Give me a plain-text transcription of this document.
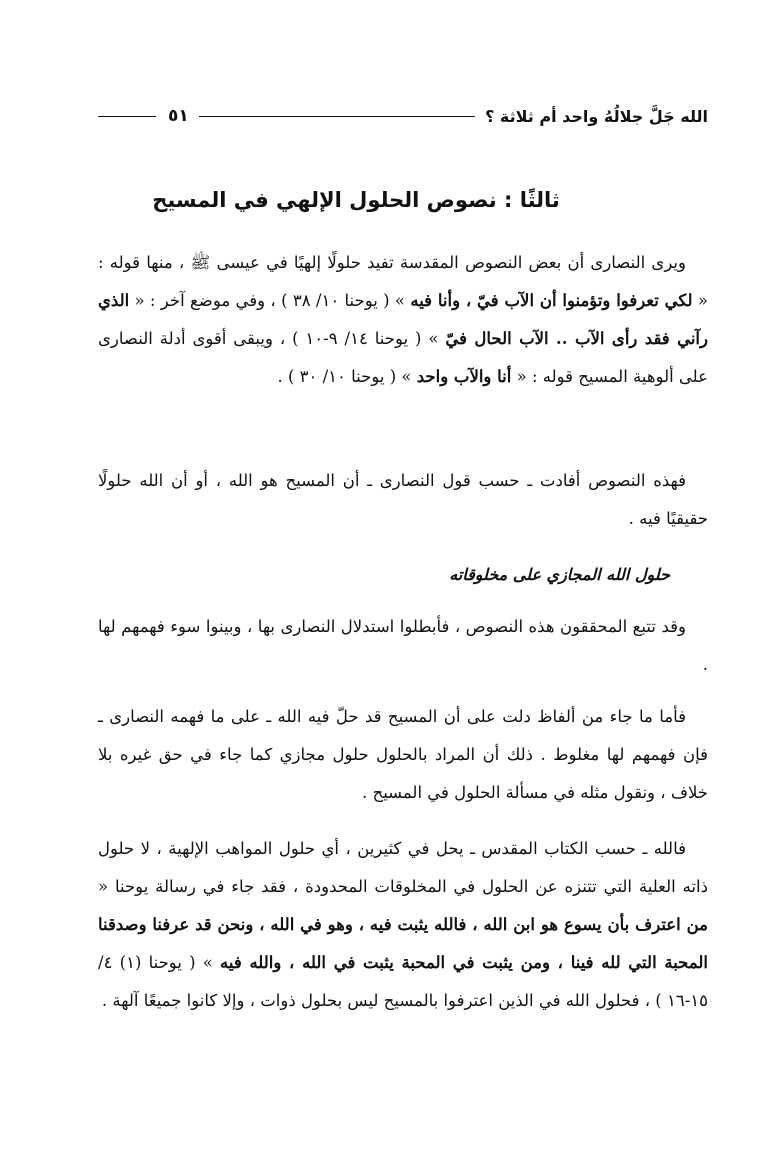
الله جَلَّ جلالُهُ واحد أم ثلاثة ؟
٥١
ثالثًا : نصوص الحلول الإلهي في المسيح

ويرى النصارى أن بعض النصوص المقدسة تفيد حلولًا إلهيًا في عيسى ﷺ ، منها قوله : « لكي تعرفوا وتؤمنوا أن الآب فيّ ، وأنا فيه » ( يوحنا ١٠/ ٣٨ ) ، وفي موضع آخر : « الذي رآني فقد رأى الآب .. الآب الحال فيّ » ( يوحنا ١٤/ ٩-١٠ ) ، ويبقى أقوى أدلة النصارى على ألوهية المسيح قوله : « أنا والآب واحد » ( يوحنا ١٠/ ٣٠ ) .

فهذه النصوص أفادت ـ حسب قول النصارى ـ أن المسيح هو الله ، أو أن الله حلولًا حقيقيًا فيه .

حلول الله المجازي على مخلوقاته

وقد تتبع المحققون هذه النصوص ، فأبطلوا استدلال النصارى بها ، وبينوا سوء فهمهم لها .

فأما ما جاء من ألفاظ دلت على أن المسيح قد حلّ فيه الله ـ على ما فهمه النصارى ـ فإن فهمهم لها مغلوط . ذلك أن المراد بالحلول حلول مجازي كما جاء في حق غيره بلا خلاف ، ونقول مثله في مسألة الحلول في المسيح .

فالله ـ حسب الكتاب المقدس ـ يحل في كثيرين ، أي حلول المواهب الإلهية ، لا حلول ذاته العلية التي تتنزه عن الحلول في المخلوقات المحدودة ، فقد جاء في رسالة يوحنا « من اعترف بأن يسوع هو ابن الله ، فالله يثبت فيه ، وهو في الله ، ونحن قد عرفنا وصدقنا المحبة التي لله فينا ، ومن يثبت في المحبة يثبت في الله ، والله فيه » ( يوحنا (١) ٤/ ١٥-١٦ ) ، فحلول الله في الذين اعترفوا بالمسيح ليس بحلول ذوات ، وإلا كانوا جميعًا آلهة .
